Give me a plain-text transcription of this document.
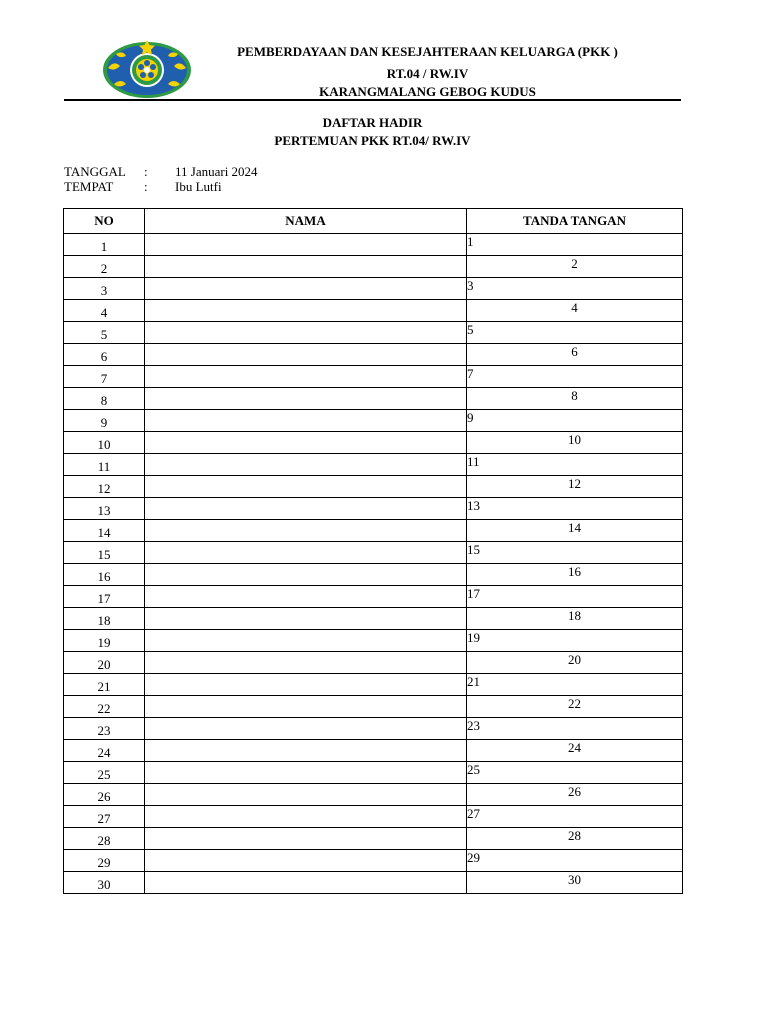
PEMBERDAYAAN DAN KESEJAHTERAAN KELUARGA (PKK )
RT.04 / RW.IV
KARANGMALANG GEBOG KUDUS
DAFTAR HADIR
PERTEMUAN PKK RT.04/ RW.IV
TANGGAL : 11 Januari 2024
TEMPAT : Ibu Lutfi
NO	NAMA	TANDA TANGAN
1		1
2		2
3		3
4		4
5		5
6		6
7		7
8		8
9		9
10		10
11		11
12		12
13		13
14		14
15		15
16		16
17		17
18		18
19		19
20		20
21		21
22		22
23		23
24		24
25		25
26		26
27		27
28		28
29		29
30		30
